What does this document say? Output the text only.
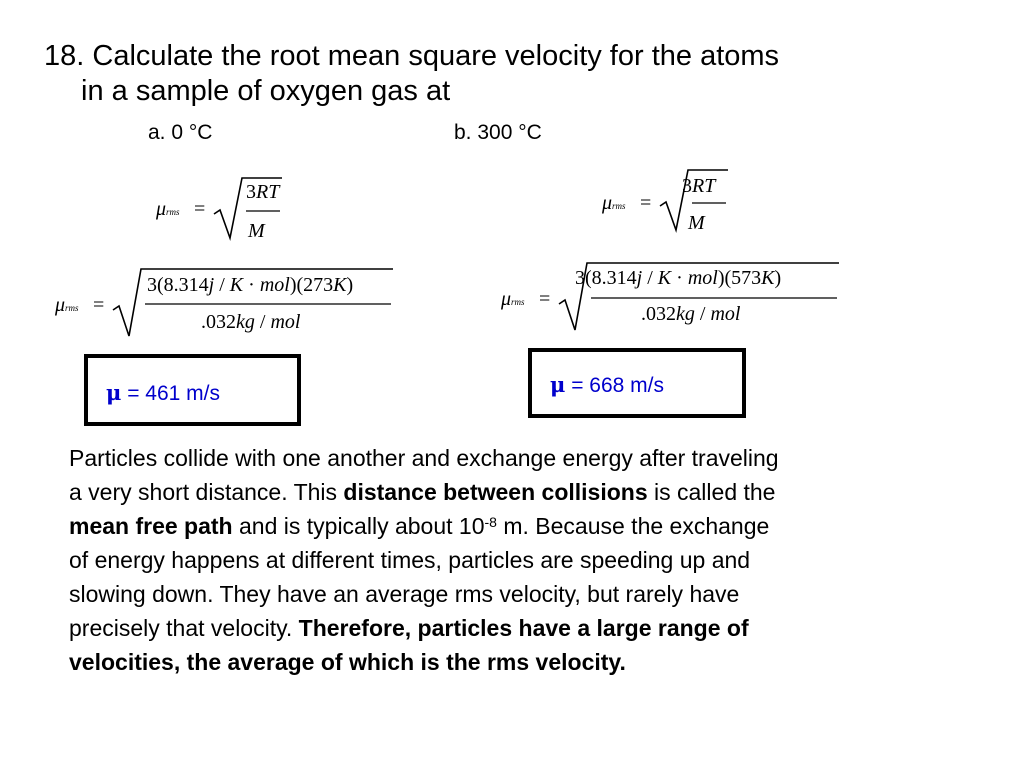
18. Calculate the root mean square velocity for the atoms
in a sample of oxygen gas at
a. 0 °C	b. 300 °C
μrms =
3RT
M
μrms =
3RT
M
μrms =
3(8.314j / K · mol)(273K)
.032kg / mol
μrms =
3(8.314j / K · mol)(573K)
.032kg / mol
μ = 461 m/s	μ = 668 m/s
Particles collide with one another and exchange energy after traveling
a very short distance. This distance between collisions is called the
mean free path and is typically about $10^{-8}$ m. Because the exchange
of energy happens at different times, particles are speeding up and
slowing down. They have an average rms velocity, but rarely have
precisely that velocity. Therefore, particles have a large range of
velocities, the average of which is the rms velocity.
